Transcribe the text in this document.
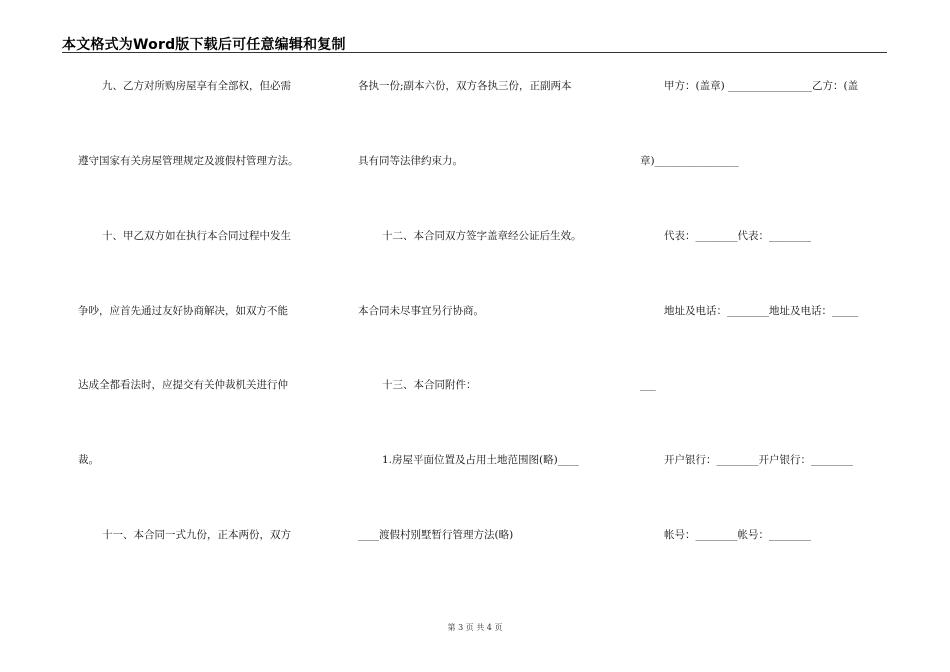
本文格式为Word版下载后可任意编辑和复制
九、乙方对所购房屋享有全部权，但必需
遵守国家有关房屋管理规定及渡假村管理方法。
十、甲乙双方如在执行本合同过程中发生
争吵，应首先通过友好协商解决，如双方不能
达成全都看法时，应提交有关仲裁机关进行仲
裁。
十一、本合同一式九份，正本两份，双方
各执一份;副本六份，双方各执三份，正副两本
具有同等法律约束力。
十二、本合同双方签字盖章经公证后生效。
本合同未尽事宜另行协商。
十三、本合同附件：
1.房屋平面位置及占用土地范围图(略)____
____渡假村别墅暂行管理方法(略)
甲方：(盖章) ________________乙方：(盖
章)________________
代表：________代表：________
地址及电话：________地址及电话：_____
___
开户银行：________开户银行：________
帐号：________帐号：________
第 3 页 共 4 页
